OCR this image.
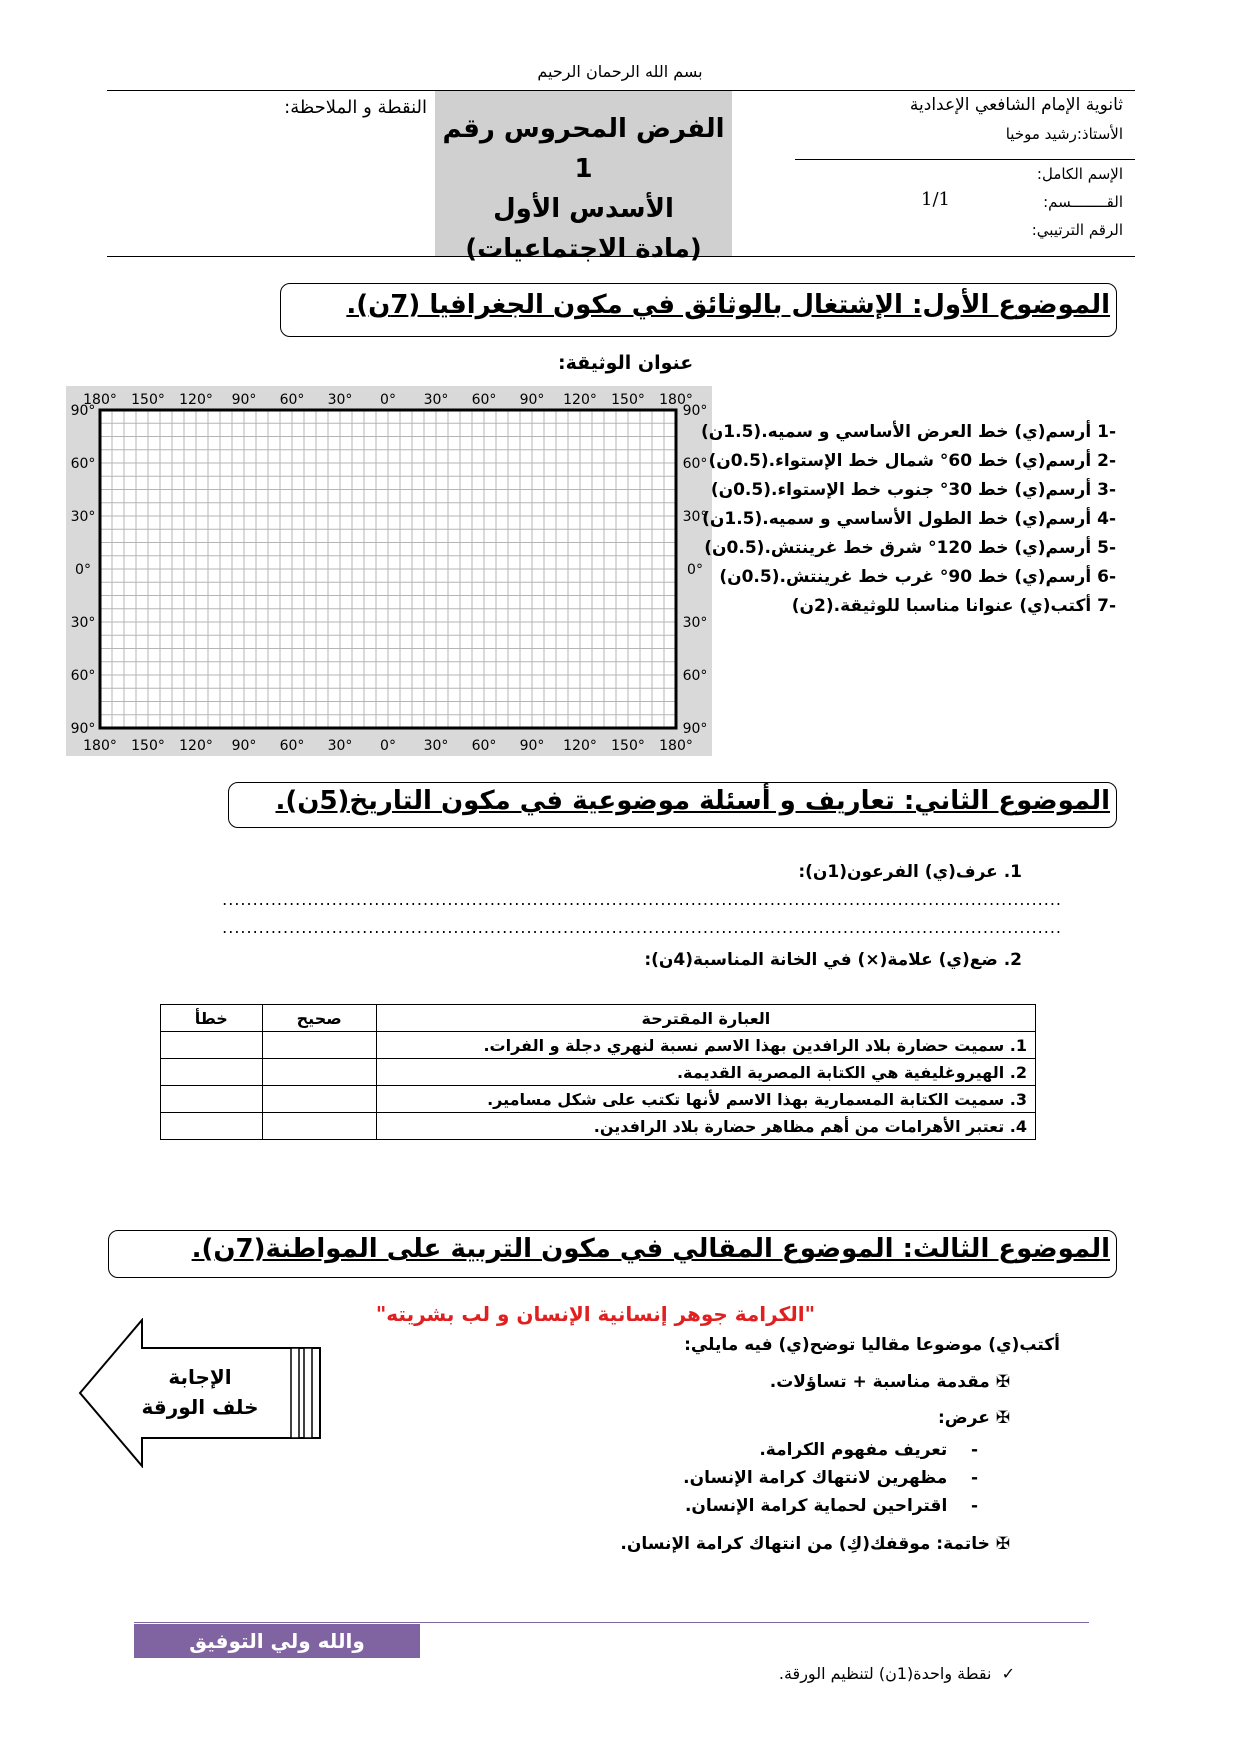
بسم الله الرحمان الرحيم
ثانوية الإمام الشافعي الإعدادية
الأستاذ:رشيد موخيا
الإسم الكامل:
القــــــــسم:
1/1
الرقم الترتيبي:
الفرض المحروس رقم 1
الأسدس الأول
(مادة الاجتماعيات)
النقطة و الملاحظة:
الموضوع الأول: الإشتغال بالوثائق في مكون الجغرافيا (7ن).
عنوان الوثيقة:
180° 150° 120° 90° 60° 30° 0° 30° 60° 90° 120° 150° 180°
180° 150° 120° 90° 60° 30° 0° 30° 60° 90° 120° 150° 180°
90°
60°
30°
0°
30°
60°
90°
90°
60°
30°
0°
30°
60°
90°
-1 أرسم(ي) خط العرض الأساسي و سميه.(1.5ن)
-2 أرسم(ي) خط 60° شمال خط الإستواء.(0.5ن)
-3 أرسم(ي) خط 30° جنوب خط الإستواء.(0.5ن)
-4 أرسم(ي) خط الطول الأساسي و سميه.(1.5ن)
-5 أرسم(ي) خط 120° شرق خط غرينتش.(0.5ن)
-6 أرسم(ي) خط 90° غرب خط غرينتش.(0.5ن)
-7 أكتب(ي) عنوانا مناسبا للوثيقة.(2ن)
الموضوع الثاني: تعاريف و أسئلة موضوعية في مكون التاريخ(5ن).
1. عرف(ي) الفرعون(1ن):
..........................................................................................................................................
..........................................................................................................................................
2. ضع(ي) علامة(×) في الخانة المناسبة(4ن):
العبارة المقترحة	صحيح	خطأ
1. سميت حضارة بلاد الرافدين بهذا الاسم نسبة لنهري دجلة و الفرات.		
2. الهيروغليفية هي الكتابة المصرية القديمة.		
3. سميت الكتابة المسمارية بهذا الاسم لأنها تكتب على شكل مسامير.		
4. تعتبر الأهرامات من أهم مظاهر حضارة بلاد الرافدين.		
الموضوع الثالث: الموضوع المقالي في مكون التربية على المواطنة(7ن).
"الكرامة جوهر إنسانية الإنسان و لب بشريته"
أكتب(ي) موضوعا مقاليا توضح(ي) فيه مايلي:
✠ مقدمة مناسبة + تساؤلات.
✠ عرض:
-    تعريف مفهوم الكرامة.
-    مظهرين لانتهاك كرامة الإنسان.
-    اقتراحين لحماية كرامة الإنسان.
✠ خاتمة: موقفك(كِ) من انتهاك كرامة الإنسان.
الإجابة
خلف الورقة
والله ولي التوفيق
✓  نقطة واحدة(1ن) لتنظيم الورقة.
